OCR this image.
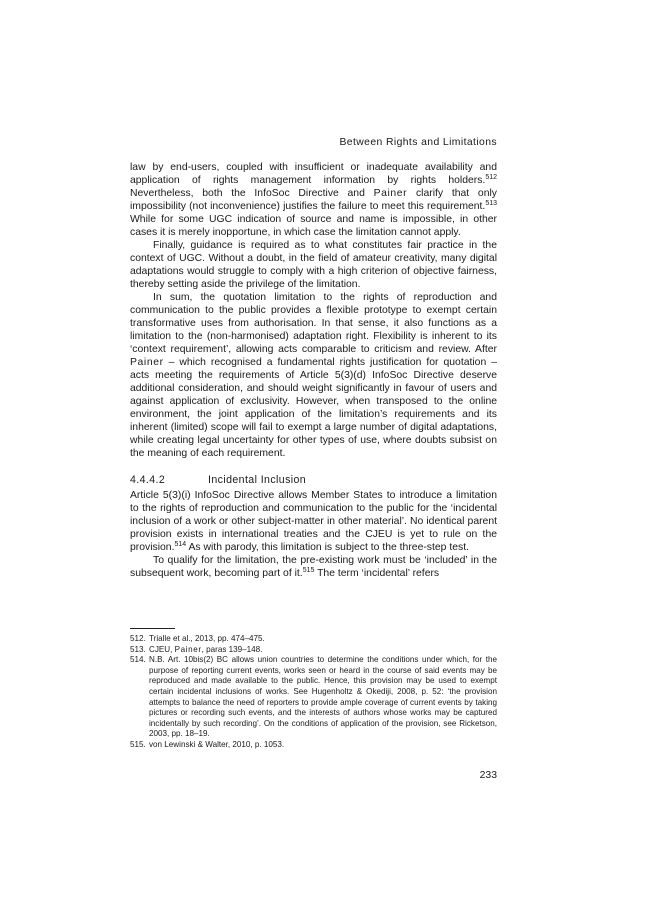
Between Rights and Limitations

law by end-users, coupled with insufficient or inadequate availability and application of rights management information by rights holders.$^{512}$ Nevertheless, both the InfoSoc Directive and Painer clarify that only impossibility (not inconvenience) justifies the failure to meet this requirement.$^{513}$ While for some UGC indication of source and name is impossible, in other cases it is merely inopportune, in which case the limitation cannot apply.

Finally, guidance is required as to what constitutes fair practice in the context of UGC. Without a doubt, in the field of amateur creativity, many digital adaptations would struggle to comply with a high criterion of objective fairness, thereby setting aside the privilege of the limitation.

In sum, the quotation limitation to the rights of reproduction and communication to the public provides a flexible prototype to exempt certain transformative uses from authorisation. In that sense, it also functions as a limitation to the (non-harmonised) adaptation right. Flexibility is inherent to its ‘context requirement’, allowing acts comparable to criticism and review. After Painer – which recognised a fundamental rights justification for quotation – acts meeting the requirements of Article 5(3)(d) InfoSoc Directive deserve additional consideration, and should weight significantly in favour of users and against application of exclusivity. However, when transposed to the online environment, the joint application of the limitation’s requirements and its inherent (limited) scope will fail to exempt a large number of digital adaptations, while creating legal uncertainty for other types of use, where doubts subsist on the meaning of each requirement.

4.4.4.2	Incidental Inclusion

Article 5(3)(i) InfoSoc Directive allows Member States to introduce a limitation to the rights of reproduction and communication to the public for the ‘incidental inclusion of a work or other subject-matter in other material’. No identical parent provision exists in international treaties and the CJEU is yet to rule on the provision.$^{514}$ As with parody, this limitation is subject to the three-step test.

To qualify for the limitation, the pre-existing work must be ‘included’ in the subsequent work, becoming part of it.$^{515}$ The term ‘incidental’ refers

512. Trialle et al., 2013, pp. 474–475.
513. CJEU, Painer, paras 139–148.
514. N.B. Art. 10bis(2) BC allows union countries to determine the conditions under which, for the purpose of reporting current events, works seen or heard in the course of said events may be reproduced and made available to the public. Hence, this provision may be used to exempt certain incidental inclusions of works. See Hugenholtz & Okediji, 2008, p. 52: ‘the provision attempts to balance the need of reporters to provide ample coverage of current events by taking pictures or recording such events, and the interests of authors whose works may be captured incidentally by such recording’. On the conditions of application of the provision, see Ricketson, 2003, pp. 18–19.
515. von Lewinski & Walter, 2010, p. 1053.
233
